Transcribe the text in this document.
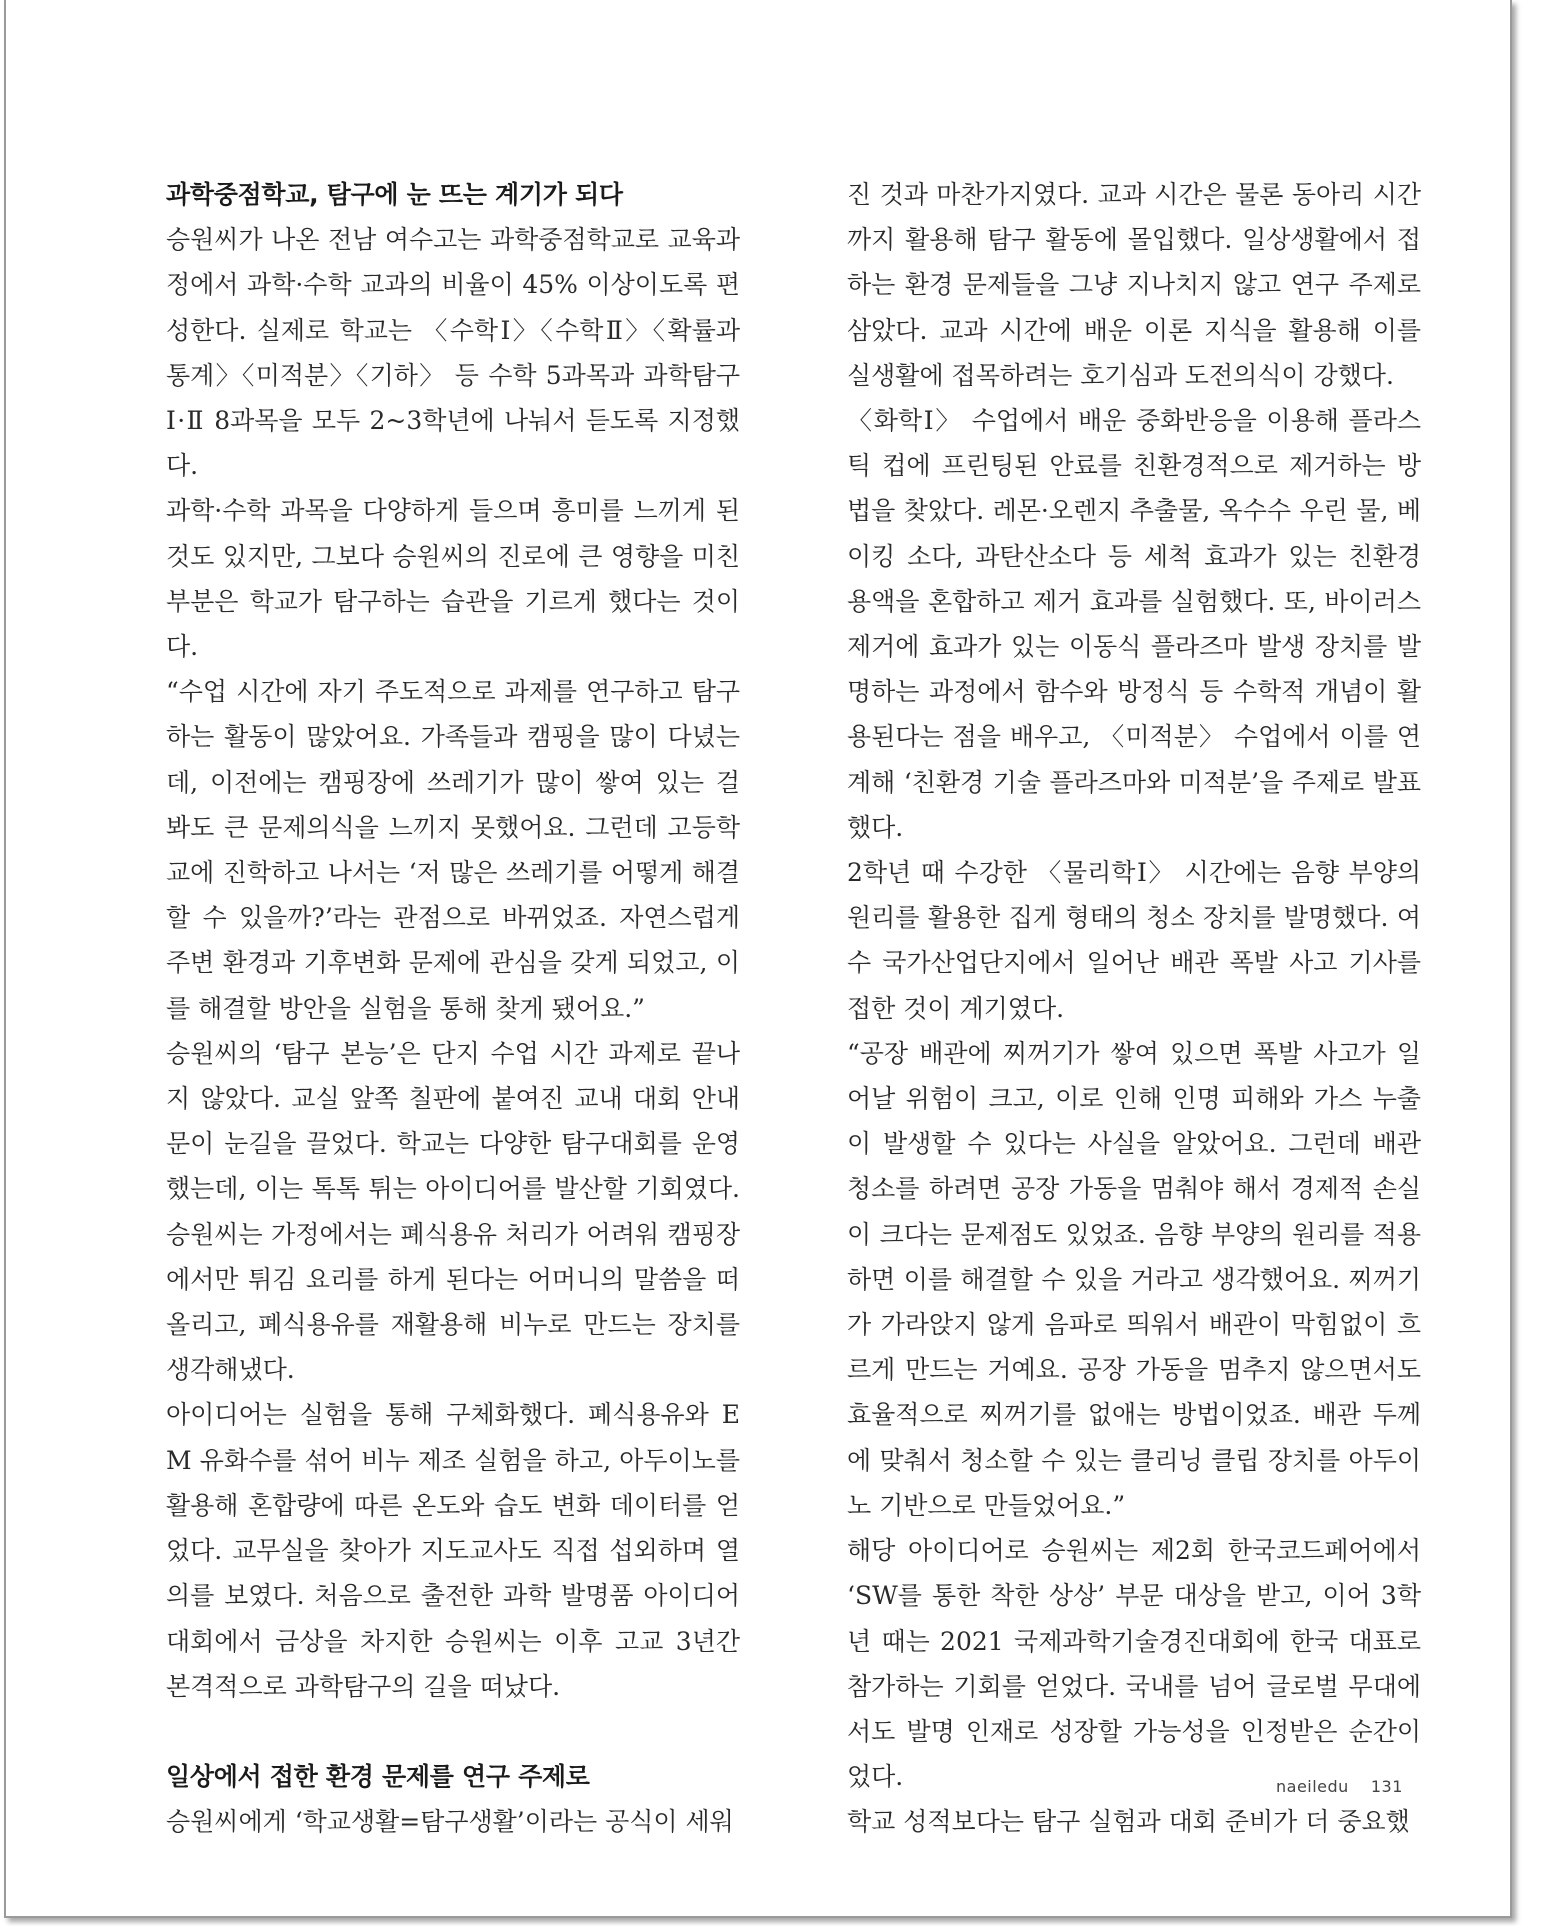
과학중점학교, 탐구에 눈 뜨는 계기가 되다

승원씨가 나온 전남 여수고는 과학중점학교로 교육과정에서 과학·수학 교과의 비율이 45% 이상이도록 편성한다. 실제로 학교는 〈수학Ⅰ〉〈수학Ⅱ〉〈확률과 통계〉〈미적분〉〈기하〉 등 수학 5과목과 과학탐구 Ⅰ·Ⅱ 8과목을 모두 2~3학년에 나눠서 듣도록 지정했다.

과학·수학 과목을 다양하게 들으며 흥미를 느끼게 된 것도 있지만, 그보다 승원씨의 진로에 큰 영향을 미친 부분은 학교가 탐구하는 습관을 기르게 했다는 것이다.

“수업 시간에 자기 주도적으로 과제를 연구하고 탐구하는 활동이 많았어요. 가족들과 캠핑을 많이 다녔는데, 이전에는 캠핑장에 쓰레기가 많이 쌓여 있는 걸 봐도 큰 문제의식을 느끼지 못했어요. 그런데 고등학교에 진학하고 나서는 ‘저 많은 쓰레기를 어떻게 해결할 수 있을까?’라는 관점으로 바뀌었죠. 자연스럽게 주변 환경과 기후변화 문제에 관심을 갖게 되었고, 이를 해결할 방안을 실험을 통해 찾게 됐어요.”

승원씨의 ‘탐구 본능’은 단지 수업 시간 과제로 끝나지 않았다. 교실 앞쪽 칠판에 붙여진 교내 대회 안내문이 눈길을 끌었다. 학교는 다양한 탐구대회를 운영했는데, 이는 톡톡 튀는 아이디어를 발산할 기회였다. 승원씨는 가정에서는 폐식용유 처리가 어려워 캠핑장에서만 튀김 요리를 하게 된다는 어머니의 말씀을 떠올리고, 폐식용유를 재활용해 비누로 만드는 장치를 생각해냈다.

아이디어는 실험을 통해 구체화했다. 폐식용유와 EM 유화수를 섞어 비누 제조 실험을 하고, 아두이노를 활용해 혼합량에 따른 온도와 습도 변화 데이터를 얻었다. 교무실을 찾아가 지도교사도 직접 섭외하며 열의를 보였다. 처음으로 출전한 과학 발명품 아이디어 대회에서 금상을 차지한 승원씨는 이후 고교 3년간 본격적으로 과학탐구의 길을 떠났다.

일상에서 접한 환경 문제를 연구 주제로

승원씨에게 ‘학교생활=탐구생활’이라는 공식이 세워

진 것과 마찬가지였다. 교과 시간은 물론 동아리 시간까지 활용해 탐구 활동에 몰입했다. 일상생활에서 접하는 환경 문제들을 그냥 지나치지 않고 연구 주제로 삼았다. 교과 시간에 배운 이론 지식을 활용해 이를 실생활에 접목하려는 호기심과 도전의식이 강했다.

〈화학Ⅰ〉 수업에서 배운 중화반응을 이용해 플라스틱 컵에 프린팅된 안료를 친환경적으로 제거하는 방법을 찾았다. 레몬·오렌지 추출물, 옥수수 우린 물, 베이킹 소다, 과탄산소다 등 세척 효과가 있는 친환경 용액을 혼합하고 제거 효과를 실험했다. 또, 바이러스 제거에 효과가 있는 이동식 플라즈마 발생 장치를 발명하는 과정에서 함수와 방정식 등 수학적 개념이 활용된다는 점을 배우고, 〈미적분〉 수업에서 이를 연계해 ‘친환경 기술 플라즈마와 미적분’을 주제로 발표했다.

2학년 때 수강한 〈물리학Ⅰ〉 시간에는 음향 부양의 원리를 활용한 집게 형태의 청소 장치를 발명했다. 여수 국가산업단지에서 일어난 배관 폭발 사고 기사를 접한 것이 계기였다.

“공장 배관에 찌꺼기가 쌓여 있으면 폭발 사고가 일어날 위험이 크고, 이로 인해 인명 피해와 가스 누출이 발생할 수 있다는 사실을 알았어요. 그런데 배관 청소를 하려면 공장 가동을 멈춰야 해서 경제적 손실이 크다는 문제점도 있었죠. 음향 부양의 원리를 적용하면 이를 해결할 수 있을 거라고 생각했어요. 찌꺼기가 가라앉지 않게 음파로 띄워서 배관이 막힘없이 흐르게 만드는 거예요. 공장 가동을 멈추지 않으면서도 효율적으로 찌꺼기를 없애는 방법이었죠. 배관 두께에 맞춰서 청소할 수 있는 클리닝 클립 장치를 아두이노 기반으로 만들었어요.”

해당 아이디어로 승원씨는 제2회 한국코드페어에서 ‘SW를 통한 착한 상상’ 부문 대상을 받고, 이어 3학년 때는 2021 국제과학기술경진대회에 한국 대표로 참가하는 기회를 얻었다. 국내를 넘어 글로벌 무대에서도 발명 인재로 성장할 가능성을 인정받은 순간이었다.

학교 성적보다는 탐구 실험과 대회 준비가 더 중요했

naeiledu 131
